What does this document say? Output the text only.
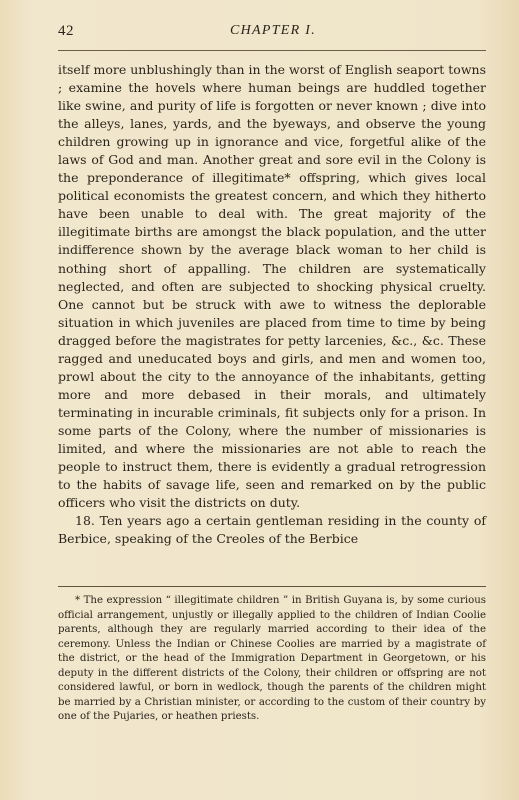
42	CHAPTER I.

itself more unblushingly than in the worst of English seaport towns ; examine the hovels where human beings are huddled together like swine, and purity of life is forgotten or never known ; dive into the alleys, lanes, yards, and the byeways, and observe the young children growing up in ignorance and vice, forgetful alike of the laws of God and man. Another great and sore evil in the Colony is the preponderance of illegitimate* offspring, which gives local political economists the greatest concern, and which they hitherto have been unable to deal with. The great majority of the illegitimate births are amongst the black population, and the utter indifference shown by the average black woman to her child is nothing short of appalling. The children are systematically neglected, and often are subjected to shocking physical cruelty. One cannot but be struck with awe to witness the deplorable situation in which juveniles are placed from time to time by being dragged before the magistrates for petty larcenies, &c., &c. These ragged and uneducated boys and girls, and men and women too, prowl about the city to the annoyance of the inhabitants, getting more and more debased in their morals, and ultimately terminating in incurable criminals, fit subjects only for a prison. In some parts of the Colony, where the number of missionaries is limited, and where the missionaries are not able to reach the people to instruct them, there is evidently a gradual retrogression to the habits of savage life, seen and remarked on by the public officers who visit the districts on duty.

18. Ten years ago a certain gentleman residing in the county of Berbice, speaking of the Creoles of the Berbice

* The expression “ illegitimate children ” in British Guyana is, by some curious official arrangement, unjustly or illegally applied to the children of Indian Coolie parents, although they are regularly married according to their idea of the ceremony. Unless the Indian or Chinese Coolies are married by a magistrate of the district, or the head of the Immigration Department in Georgetown, or his deputy in the different districts of the Colony, their children or offspring are not considered lawful, or born in wedlock, though the parents of the children might be married by a Christian minister, or according to the custom of their country by one of the Pujaries, or heathen priests.
